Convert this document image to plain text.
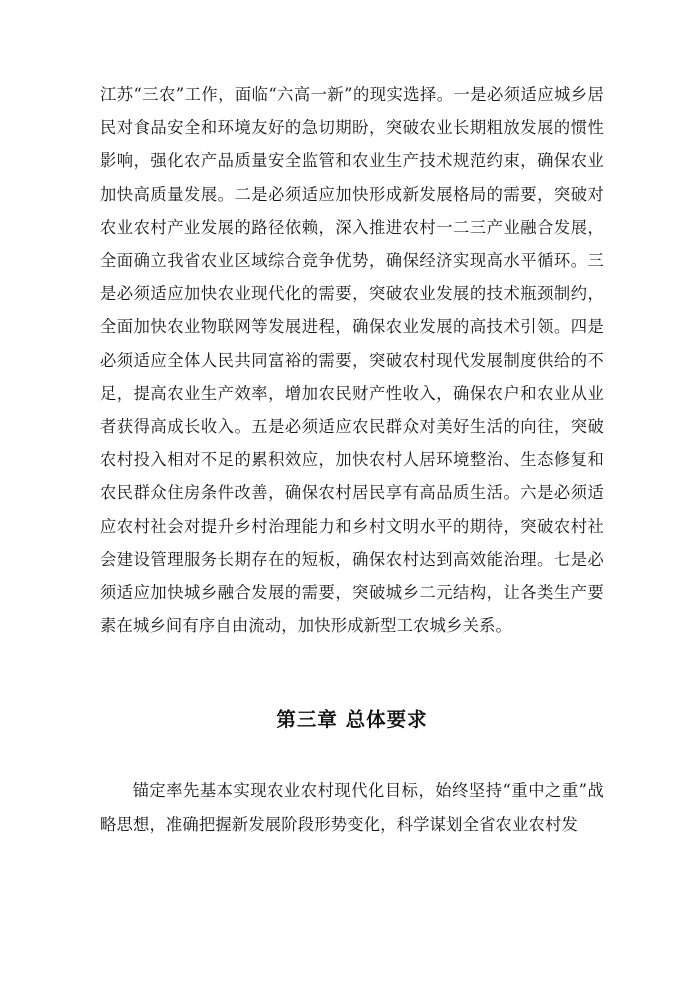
江苏“三农”工作，面临“六高一新”的现实选择。一是必须适应城乡居民对食品安全和环境友好的急切期盼，突破农业长期粗放发展的惯性影响，强化农产品质量安全监管和农业生产技术规范约束，确保农业加快高质量发展。二是必须适应加快形成新发展格局的需要，突破对农业农村产业发展的路径依赖，深入推进农村一二三产业融合发展，全面确立我省农业区域综合竞争优势，确保经济实现高水平循环。三是必须适应加快农业现代化的需要，突破农业发展的技术瓶颈制约，全面加快农业物联网等发展进程，确保农业发展的高技术引领。四是必须适应全体人民共同富裕的需要，突破农村现代发展制度供给的不足，提高农业生产效率，增加农民财产性收入，确保农户和农业从业者获得高成长收入。五是必须适应农民群众对美好生活的向往，突破农村投入相对不足的累积效应，加快农村人居环境整治、生态修复和农民群众住房条件改善，确保农村居民享有高品质生活。六是必须适应农村社会对提升乡村治理能力和乡村文明水平的期待，突破农村社会建设管理服务长期存在的短板，确保农村达到高效能治理。七是必须适应加快城乡融合发展的需要，突破城乡二元结构，让各类生产要素在城乡间有序自由流动，加快形成新型工农城乡关系。

第三章 总体要求

锚定率先基本实现农业农村现代化目标，始终坚持“重中之重”战略思想，准确把握新发展阶段形势变化，科学谋划全省农业农村发
